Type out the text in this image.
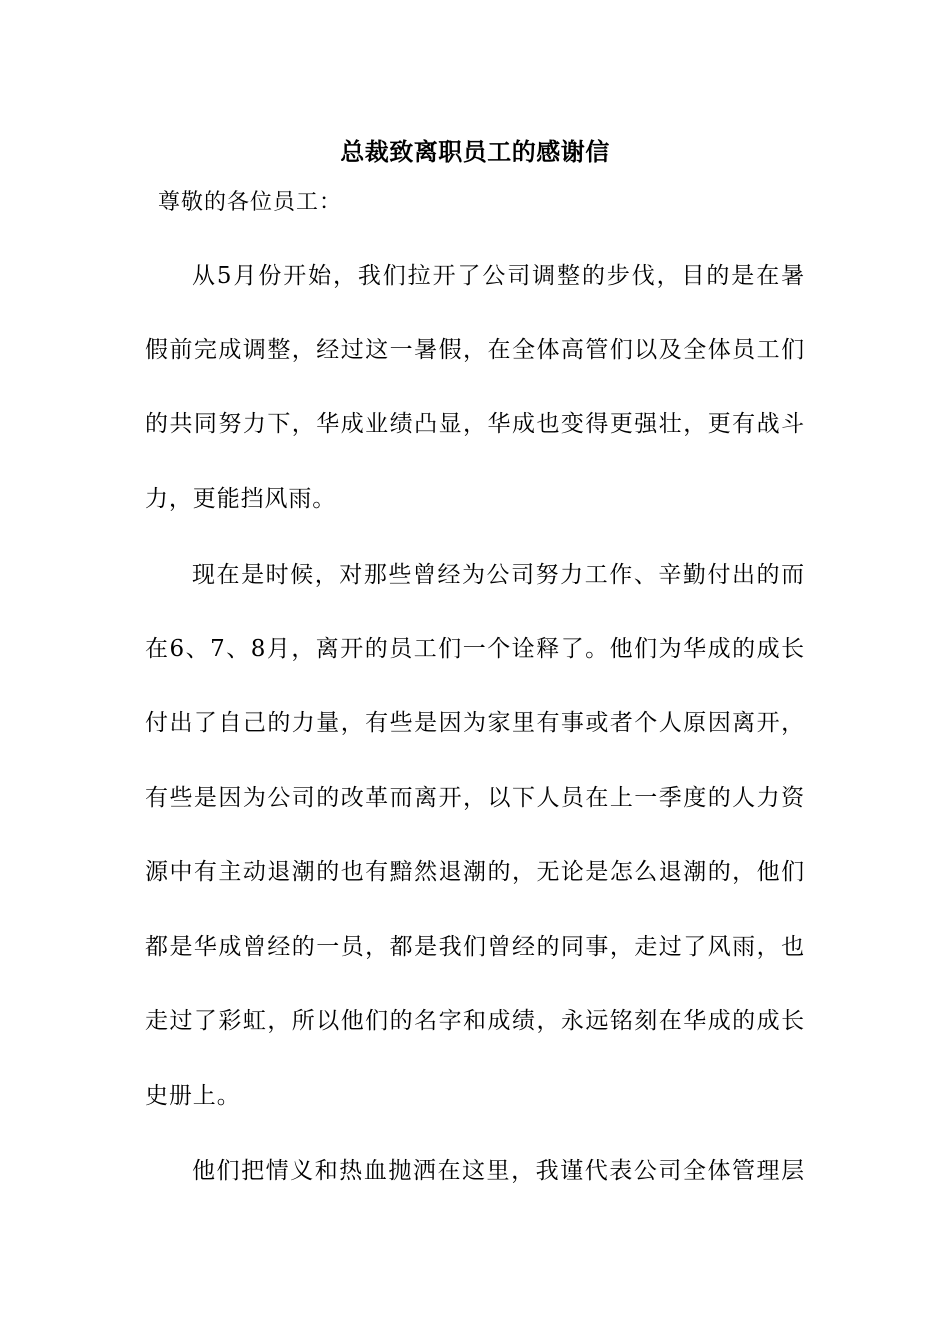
总裁致离职员工的感谢信
尊敬的各位员工：
从5月份开始，我们拉开了公司调整的步伐，目的是在暑
假前完成调整，经过这一暑假，在全体高管们以及全体员工们
的共同努力下，华成业绩凸显，华成也变得更强壮，更有战斗
力，更能挡风雨。
现在是时候，对那些曾经为公司努力工作、辛勤付出的而
在6、7、8月，离开的员工们一个诠释了。他们为华成的成长
付出了自己的力量，有些是因为家里有事或者个人原因离开，
有些是因为公司的改革而离开，以下人员在上一季度的人力资
源中有主动退潮的也有黯然退潮的，无论是怎么退潮的，他们
都是华成曾经的一员，都是我们曾经的同事，走过了风雨，也
走过了彩虹，所以他们的名字和成绩，永远铭刻在华成的成长
史册上。
他们把情义和热血抛洒在这里，我谨代表公司全体管理层
